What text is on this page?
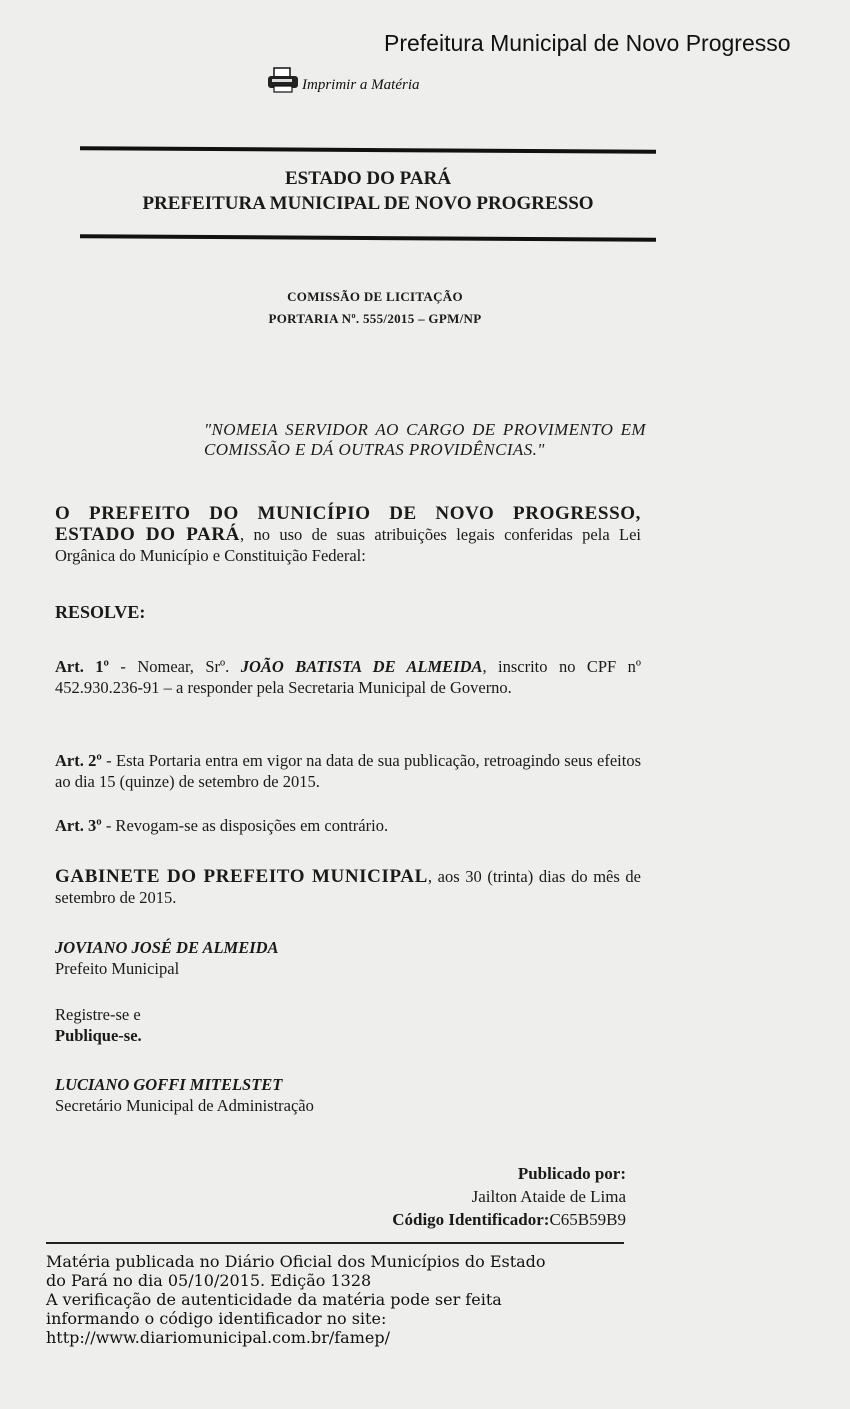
Prefeitura Municipal de Novo Progresso
Imprimir a Matéria
ESTADO DO PARÁ
PREFEITURA MUNICIPAL DE NOVO PROGRESSO
COMISSÃO DE LICITAÇÃO
PORTARIA Nº. 555/2015 – GPM/NP
"NOMEIA SERVIDOR AO CARGO DE PROVIMENTO EM COMISSÃO E DÁ OUTRAS PROVIDÊNCIAS."
O PREFEITO DO MUNICÍPIO DE NOVO PROGRESSO, ESTADO DO PARÁ, no uso de suas atribuições legais conferidas pela Lei Orgânica do Município e Constituição Federal:
RESOLVE:
Art. 1º - Nomear, Srº. JOÃO BATISTA DE ALMEIDA, inscrito no CPF nº 452.930.236-91 – a responder pela Secretaria Municipal de Governo.
Art. 2º - Esta Portaria entra em vigor na data de sua publicação, retroagindo seus efeitos ao dia 15 (quinze) de setembro de 2015.
Art. 3º - Revogam-se as disposições em contrário.
GABINETE DO PREFEITO MUNICIPAL, aos 30 (trinta) dias do mês de setembro de 2015.
JOVIANO JOSÉ DE ALMEIDA
Prefeito Municipal
Registre-se e
Publique-se.
LUCIANO GOFFI MITELSTET
Secretário Municipal de Administração
Publicado por:
Jailton Ataide de Lima
Código Identificador:C65B59B9
Matéria publicada no Diário Oficial dos Municípios do Estado
do Pará no dia 05/10/2015. Edição 1328
A verificação de autenticidade da matéria pode ser feita
informando o código identificador no site:
http://www.diariomunicipal.com.br/famep/
